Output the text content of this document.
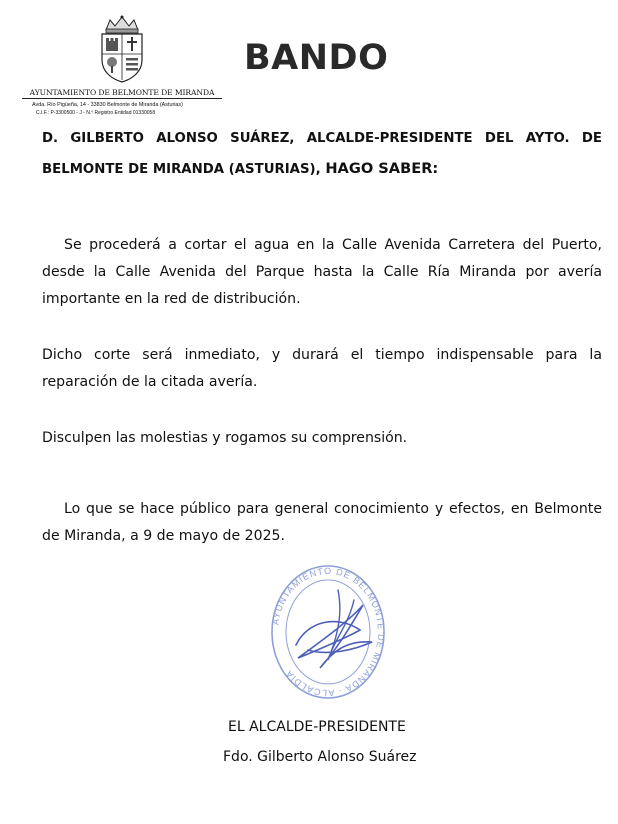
AYUNTAMIENTO DE BELMONTE DE MIRANDA
Avda. Río Pigüeña, 14 - 33830 Belmonte de Miranda (Asturias)
C.I.F.: P-3300500 - J - N.º Registro Entidad 01330058
BANDO
D. GILBERTO ALONSO SUÁREZ, ALCALDE-PRESIDENTE DEL AYTO. DE BELMONTE DE MIRANDA (ASTURIAS), HAGO SABER:

Se procederá a cortar el agua en la Calle Avenida Carretera del Puerto, desde la Calle Avenida del Parque hasta la Calle Ría Miranda por avería importante en la red de distribución.

Dicho corte será inmediato, y durará el tiempo indispensable para la reparación de la citada avería.

Disculpen las molestias y rogamos su comprensión.

Lo que se hace público para general conocimiento y efectos, en Belmonte de Miranda, a 9 de mayo de 2025.

AYUNTAMIENTO DE BELMONTE DE MIRANDA · ALCALDÍA
EL ALCALDE-PRESIDENTE
Fdo. Gilberto Alonso Suárez
